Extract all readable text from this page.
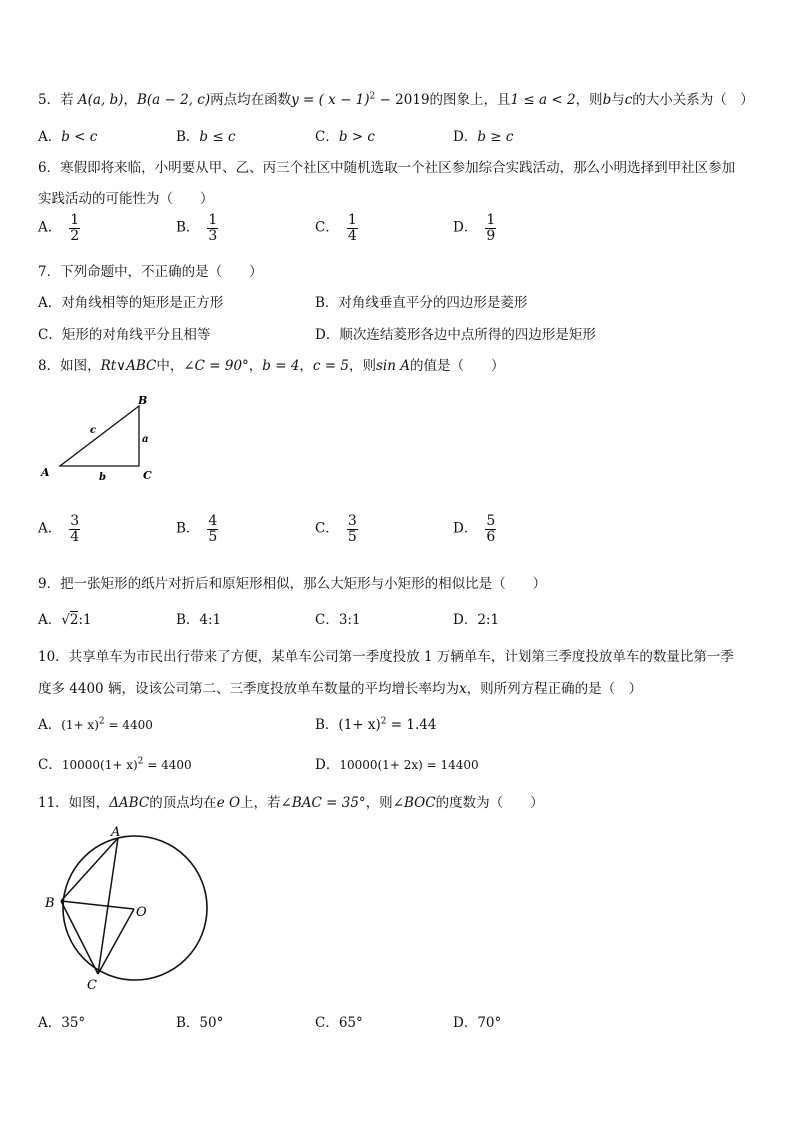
5．若 A(a, b)，B(a − 2, c)两点均在函数y = ( x − 1)$^2$ − 2019的图象上，且1 ≤ a < 2，则b与c的大小关系为（　）
A．b < c	B．b ≤ c	C．b > c	D．b ≥ c
6．寒假即将来临，小明要从甲、乙、丙三个社区中随机选取一个社区参加综合实践活动，那么小明选择到甲社区参加
实践活动的可能性为（　　）
A． $\frac{1}{2}$	B． $\frac{1}{3}$	C． $\frac{1}{4}$	D． $\frac{1}{9}$
7．下列命题中，不正确的是（　　）
A．对角线相等的矩形是正方形	B．对角线垂直平分的四边形是菱形
C．矩形的对角线平分且相等	D．顺次连结菱形各边中点所得的四边形是矩形
8．如图，Rt∨ABC中，∠C = 90°，b = 4，c = 5，则sin A的值是（　　）
A
B
C
a
b
c
A． $\frac{3}{4}$	B． $\frac{4}{5}$	C． $\frac{3}{5}$	D． $\frac{5}{6}$
9．把一张矩形的纸片对折后和原矩形相似，那么大矩形与小矩形的相似比是（　　）
A．√2:1	B．4:1	C．3:1	D．2:1
10．共享单车为市民出行带来了方便，某单车公司第一季度投放 1 万辆单车，计划第三季度投放单车的数量比第一季
度多 4400 辆，设该公司第二、三季度投放单车数量的平均增长率均为x，则所列方程正确的是（　）
A．$(1+ x)^2 = 4400$	B．$(1+ x)^2 = 1.44$
C．$10000(1+ x)^2 = 4400$	D．10000(1+ 2x) = 14400
11．如图，ΔABC的顶点均在e O上，若∠BAC = 35°，则∠BOC的度数为（　　）
A
B
C
O
A．35°	B．50°	C．65°	D．70°
